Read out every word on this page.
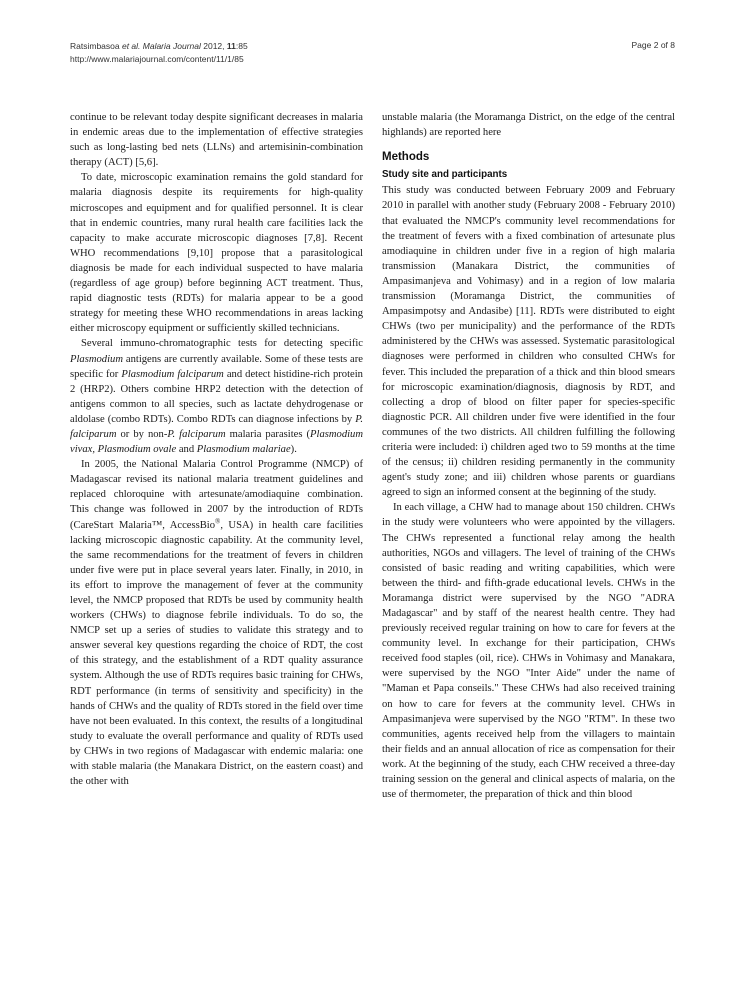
Ratsimbasoa et al. Malaria Journal 2012, 11:85
http://www.malariajournal.com/content/11/1/85
Page 2 of 8

continue to be relevant today despite significant decreases in malaria in endemic areas due to the implementation of effective strategies such as long-lasting bed nets (LLNs) and artemisinin-combination therapy (ACT) [5,6].

To date, microscopic examination remains the gold standard for malaria diagnosis despite its requirements for high-quality microscopes and equipment and for qualified personnel. It is clear that in endemic countries, many rural health care facilities lack the capacity to make accurate microscopic diagnoses [7,8]. Recent WHO recommendations [9,10] propose that a parasitological diagnosis be made for each individual suspected to have malaria (regardless of age group) before beginning ACT treatment. Thus, rapid diagnostic tests (RDTs) for malaria appear to be a good strategy for meeting these WHO recommendations in areas lacking either microscopy equipment or sufficiently skilled technicians.

Several immuno-chromatographic tests for detecting specific Plasmodium antigens are currently available. Some of these tests are specific for Plasmodium falciparum and detect histidine-rich protein 2 (HRP2). Others combine HRP2 detection with the detection of antigens common to all species, such as lactate dehydrogenase or aldolase (combo RDTs). Combo RDTs can diagnose infections by P. falciparum or by non-P. falciparum malaria parasites (Plasmodium vivax, Plasmodium ovale and Plasmodium malariae).

In 2005, the National Malaria Control Programme (NMCP) of Madagascar revised its national malaria treatment guidelines and replaced chloroquine with artesunate/amodiaquine combination. This change was followed in 2007 by the introduction of RDTs (CareStart Malaria™, AccessBio®, USA) in health care facilities lacking microscopic diagnostic capability. At the community level, the same recommendations for the treatment of fevers in children under five were put in place several years later. Finally, in 2010, in its effort to improve the management of fever at the community level, the NMCP proposed that RDTs be used by community health workers (CHWs) to diagnose febrile individuals. To do so, the NMCP set up a series of studies to validate this strategy and to answer several key questions regarding the choice of RDT, the cost of this strategy, and the establishment of a RDT quality assurance system. Although the use of RDTs requires basic training for CHWs, RDT performance (in terms of sensitivity and specificity) in the hands of CHWs and the quality of RDTs stored in the field over time have not been evaluated. In this context, the results of a longitudinal study to evaluate the overall performance and quality of RDTs used by CHWs in two regions of Madagascar with endemic malaria: one with stable malaria (the Manakara District, on the eastern coast) and the other with

unstable malaria (the Moramanga District, on the edge of the central highlands) are reported here

Methods
Study site and participants

This study was conducted between February 2009 and February 2010 in parallel with another study (February 2008 - February 2010) that evaluated the NMCP's community level recommendations for the treatment of fevers with a fixed combination of artesunate plus amodiaquine in children under five in a region of high malaria transmission (Manakara District, the communities of Ampasimanjeva and Vohimasy) and in a region of low malaria transmission (Moramanga District, the communities of Ampasimpotsy and Andasibe) [11]. RDTs were distributed to eight CHWs (two per municipality) and the performance of the RDTs administered by the CHWs was assessed. Systematic parasitological diagnoses were performed in children who consulted CHWs for fever. This included the preparation of a thick and thin blood smears for microscopic examination/diagnosis, diagnosis by RDT, and collecting a drop of blood on filter paper for species-specific diagnostic PCR. All children under five were identified in the four communes of the two districts. All children fulfilling the following criteria were included: i) children aged two to 59 months at the time of the census; ii) children residing permanently in the community agent's study zone; and iii) children whose parents or guardians agreed to sign an informed consent at the beginning of the study.

In each village, a CHW had to manage about 150 children. CHWs in the study were volunteers who were appointed by the villagers. The CHWs represented a functional relay among the health authorities, NGOs and villagers. The level of training of the CHWs consisted of basic reading and writing capabilities, which were between the third- and fifth-grade educational levels. CHWs in the Moramanga district were supervised by the NGO "ADRA Madagascar" and by staff of the nearest health centre. They had previously received regular training on how to care for fevers at the community level. In exchange for their participation, CHWs received food staples (oil, rice). CHWs in Vohimasy and Manakara, were supervised by the NGO "Inter Aide" under the name of "Maman et Papa conseils." These CHWs had also received training on how to care for fevers at the community level. CHWs in Ampasimanjeva were supervised by the NGO "RTM". In these two communities, agents received help from the villagers to maintain their fields and an annual allocation of rice as compensation for their work. At the beginning of the study, each CHW received a three-day training session on the general and clinical aspects of malaria, on the use of thermometer, the preparation of thick and thin blood
